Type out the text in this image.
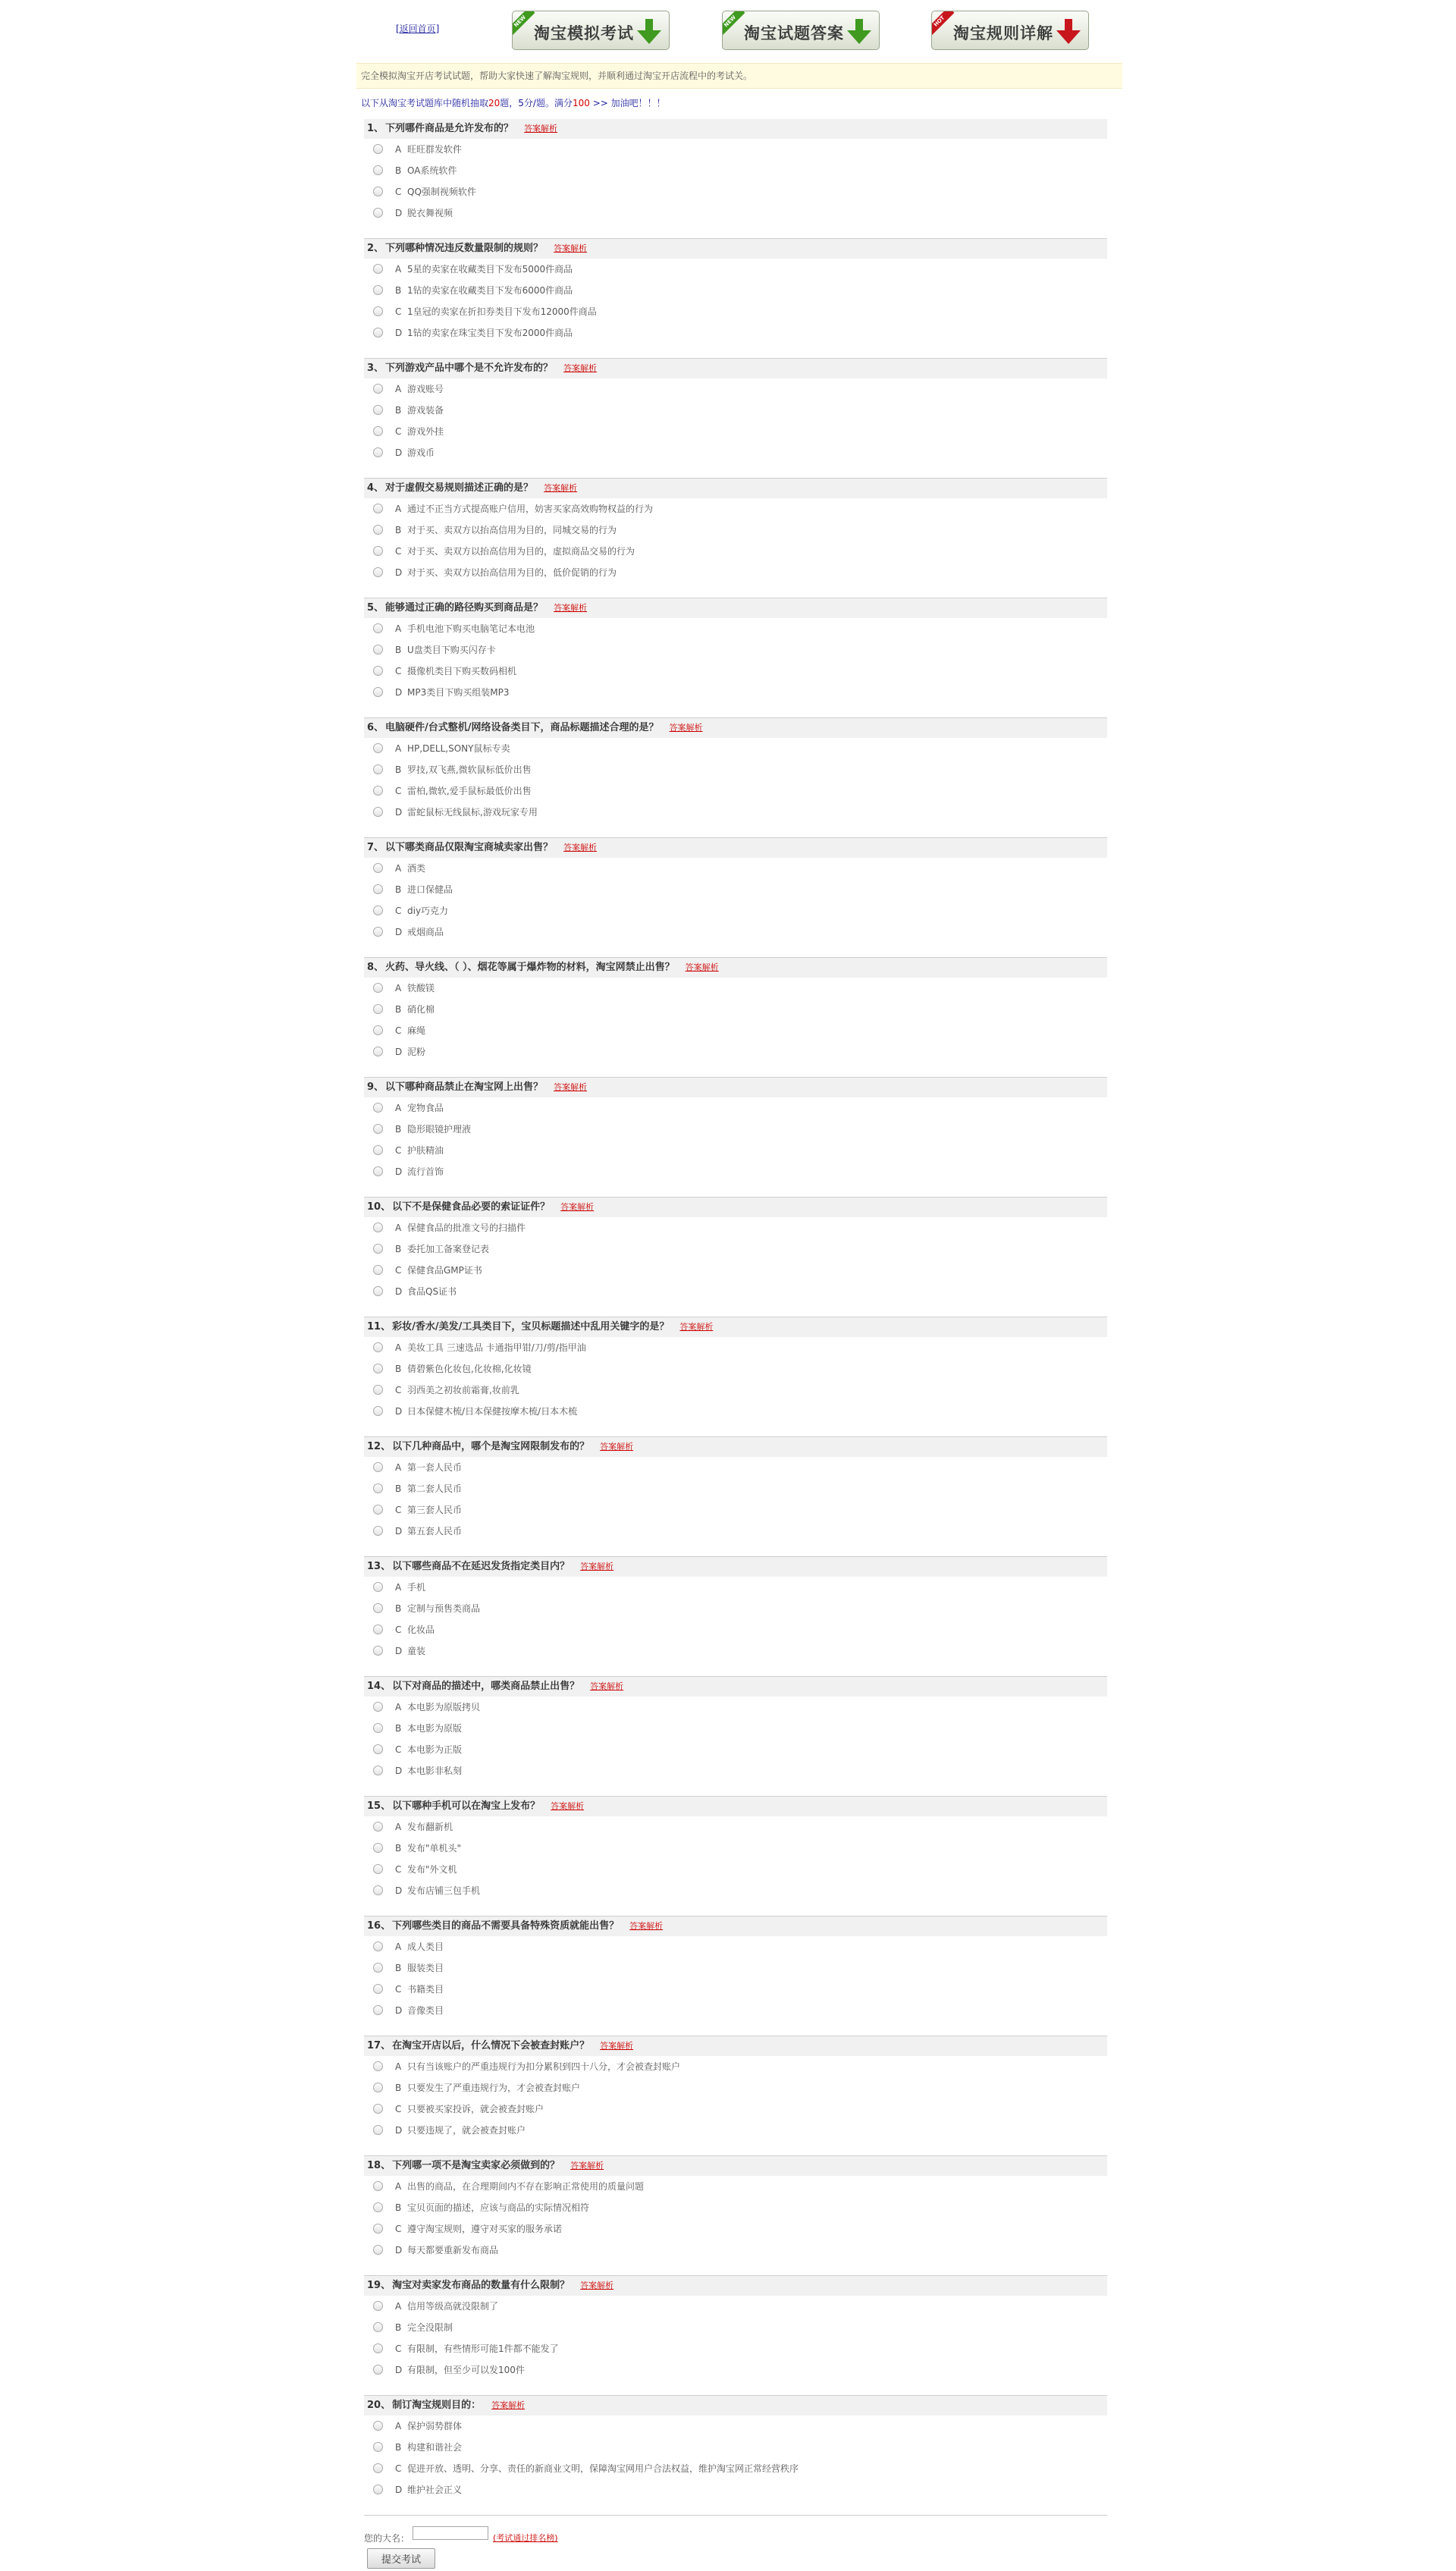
[返回首页]
NEW
淘宝模拟考试
NEW
淘宝试题答案
HOT
淘宝规则详解
完全模拟淘宝开店考试试题，帮助大家快速了解淘宝规则，并顺利通过淘宝开店流程中的考试关。
以下从淘宝考试题库中随机抽取20题，5分/题。满分100 >> 加油吧！！！
1、 下列哪件商品是允许发布的？ 答案解析
A 旺旺群发软件
B OA系统软件
C QQ强制视频软件
D 脱衣舞视频
2、 下列哪种情况违反数量限制的规则？ 答案解析
A 5星的卖家在收藏类目下发布5000件商品
B 1钻的卖家在收藏类目下发布6000件商品
C 1皇冠的卖家在折扣券类目下发布12000件商品
D 1钻的卖家在珠宝类目下发布2000件商品
3、 下列游戏产品中哪个是不允许发布的？ 答案解析
A 游戏账号
B 游戏装备
C 游戏外挂
D 游戏币
4、 对于虚假交易规则描述正确的是？ 答案解析
A 通过不正当方式提高账户信用，妨害买家高效购物权益的行为
B 对于买、卖双方以抬高信用为目的，同城交易的行为
C 对于买、卖双方以抬高信用为目的，虚拟商品交易的行为
D 对于买、卖双方以抬高信用为目的，低价促销的行为
5、 能够通过正确的路径购买到商品是？ 答案解析
A 手机电池下购买电脑笔记本电池
B U盘类目下购买闪存卡
C 摄像机类目下购买数码相机
D MP3类目下购买组装MP3
6、 电脑硬件/台式整机/网络设备类目下，商品标题描述合理的是？ 答案解析
A HP,DELL,SONY鼠标专卖
B 罗技,双飞燕,微软鼠标低价出售
C 雷柏,微软,爱手鼠标最低价出售
D 雷蛇鼠标无线鼠标,游戏玩家专用
7、 以下哪类商品仅限淘宝商城卖家出售？ 答案解析
A 酒类
B 进口保健品
C diy巧克力
D 戒烟商品
8、 火药、导火线、（ ）、烟花等属于爆炸物的材料，淘宝网禁止出售？ 答案解析
A 铁酸镁
B 硝化棉
C 麻绳
D 泥粉
9、 以下哪种商品禁止在淘宝网上出售？ 答案解析
A 宠物食品
B 隐形眼镜护理液
C 护肤精油
D 流行首饰
10、 以下不是保健食品必要的索证证件？ 答案解析
A 保健食品的批准文号的扫描件
B 委托加工备案登记表
C 保健食品GMP证书
D 食品QS证书
11、 彩妆/香水/美发/工具类目下，宝贝标题描述中乱用关键字的是？ 答案解析
A 美妆工具 三速选品 卡通指甲钳/刀/剪/指甲油
B 倩碧紫色化妆包,化妆棉,化妆镜
C 羽西美之初妆前霜膏,妆前乳
D 日本保健木梳/日本保健按摩木梳/日本木梳
12、 以下几种商品中，哪个是淘宝网限制发布的？ 答案解析
A 第一套人民币
B 第二套人民币
C 第三套人民币
D 第五套人民币
13、 以下哪些商品不在延迟发货指定类目内？ 答案解析
A 手机
B 定制与预售类商品
C 化妆品
D 童装
14、 以下对商品的描述中，哪类商品禁止出售？ 答案解析
A 本电影为原版拷贝
B 本电影为原版
C 本电影为正版
D 本电影非私刻
15、 以下哪种手机可以在淘宝上发布？ 答案解析
A 发布翻新机
B 发布"单机头"
C 发布"外文机
D 发布店铺三包手机
16、 下列哪些类目的商品不需要具备特殊资质就能出售？ 答案解析
A 成人类目
B 服装类目
C 书籍类目
D 音像类目
17、 在淘宝开店以后，什么情况下会被查封账户？ 答案解析
A 只有当该账户的严重违规行为扣分累积到四十八分，才会被查封账户
B 只要发生了严重违规行为，才会被查封账户
C 只要被买家投诉，就会被查封账户
D 只要违规了，就会被查封账户
18、 下列哪一项不是淘宝卖家必须做到的？ 答案解析
A 出售的商品，在合理期间内不存在影响正常使用的质量问题
B 宝贝页面的描述，应该与商品的实际情况相符
C 遵守淘宝规则，遵守对买家的服务承诺
D 每天都要重新发布商品
19、 淘宝对卖家发布商品的数量有什么限制？ 答案解析
A 信用等级高就没限制了
B 完全没限制
C 有限制，有些情形可能1件都不能发了
D 有限制，但至少可以发100件
20、 制订淘宝规则目的： 答案解析
A 保护弱势群体
B 构建和谐社会
C 促进开放、透明、分享、责任的新商业文明，保障淘宝网用户合法权益，维护淘宝网正常经营秩序
D 维护社会正义
您的大名：	(考试通过排名榜)
提交考试
